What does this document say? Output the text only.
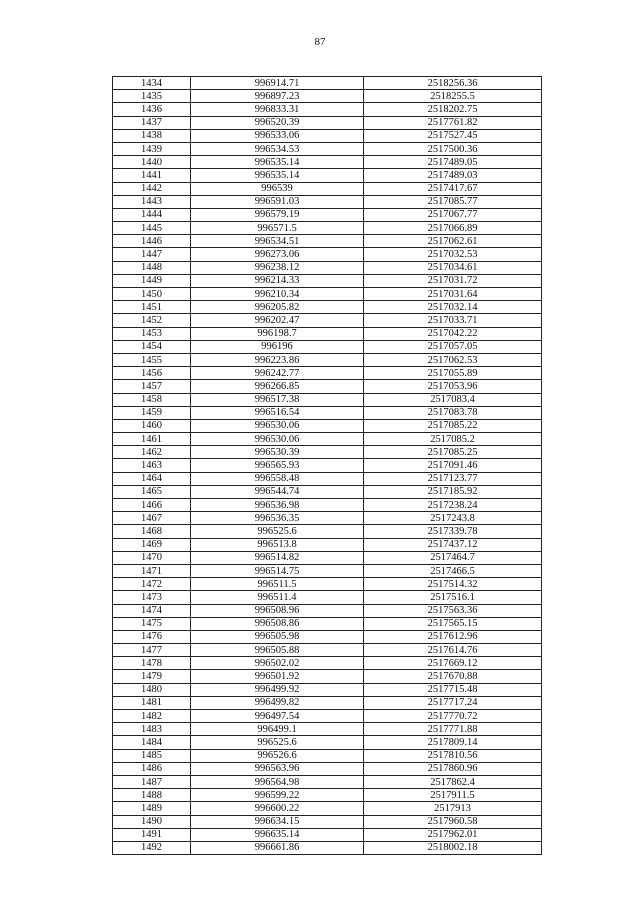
87
1434	996914.71	2518256.36
1435	996897.23	2518255.5
1436	996833.31	2518202.75
1437	996520.39	2517761.82
1438	996533.06	2517527.45
1439	996534.53	2517500.36
1440	996535.14	2517489.05
1441	996535.14	2517489.03
1442	996539	2517417.67
1443	996591.03	2517085.77
1444	996579.19	2517067.77
1445	996571.5	2517066.89
1446	996534.51	2517062.61
1447	996273.06	2517032.53
1448	996238.12	2517034.61
1449	996214.33	2517031.72
1450	996210.34	2517031.64
1451	996205.82	2517032.14
1452	996202.47	2517033.71
1453	996198.7	2517042.22
1454	996196	2517057.05
1455	996223.86	2517062.53
1456	996242.77	2517055.89
1457	996266.85	2517053.96
1458	996517.38	2517083.4
1459	996516.54	2517083.78
1460	996530.06	2517085.22
1461	996530.06	2517085.2
1462	996530.39	2517085.25
1463	996565.93	2517091.46
1464	996558.48	2517123.77
1465	996544.74	2517185.92
1466	996536.98	2517238.24
1467	996536.35	2517243.8
1468	996525.6	2517339.78
1469	996513.8	2517437.12
1470	996514.82	2517464.7
1471	996514.75	2517466.5
1472	996511.5	2517514.32
1473	996511.4	2517516.1
1474	996508.96	2517563.36
1475	996508.86	2517565.15
1476	996505.98	2517612.96
1477	996505.88	2517614.76
1478	996502.02	2517669.12
1479	996501.92	2517670.88
1480	996499.92	2517715.48
1481	996499.82	2517717.24
1482	996497.54	2517770.72
1483	996499.1	2517771.88
1484	996525.6	2517809.14
1485	996526.6	2517810.56
1486	996563.96	2517860.96
1487	996564.98	2517862.4
1488	996599.22	2517911.5
1489	996600.22	2517913
1490	996634.15	2517960.58
1491	996635.14	2517962.01
1492	996661.86	2518002.18
